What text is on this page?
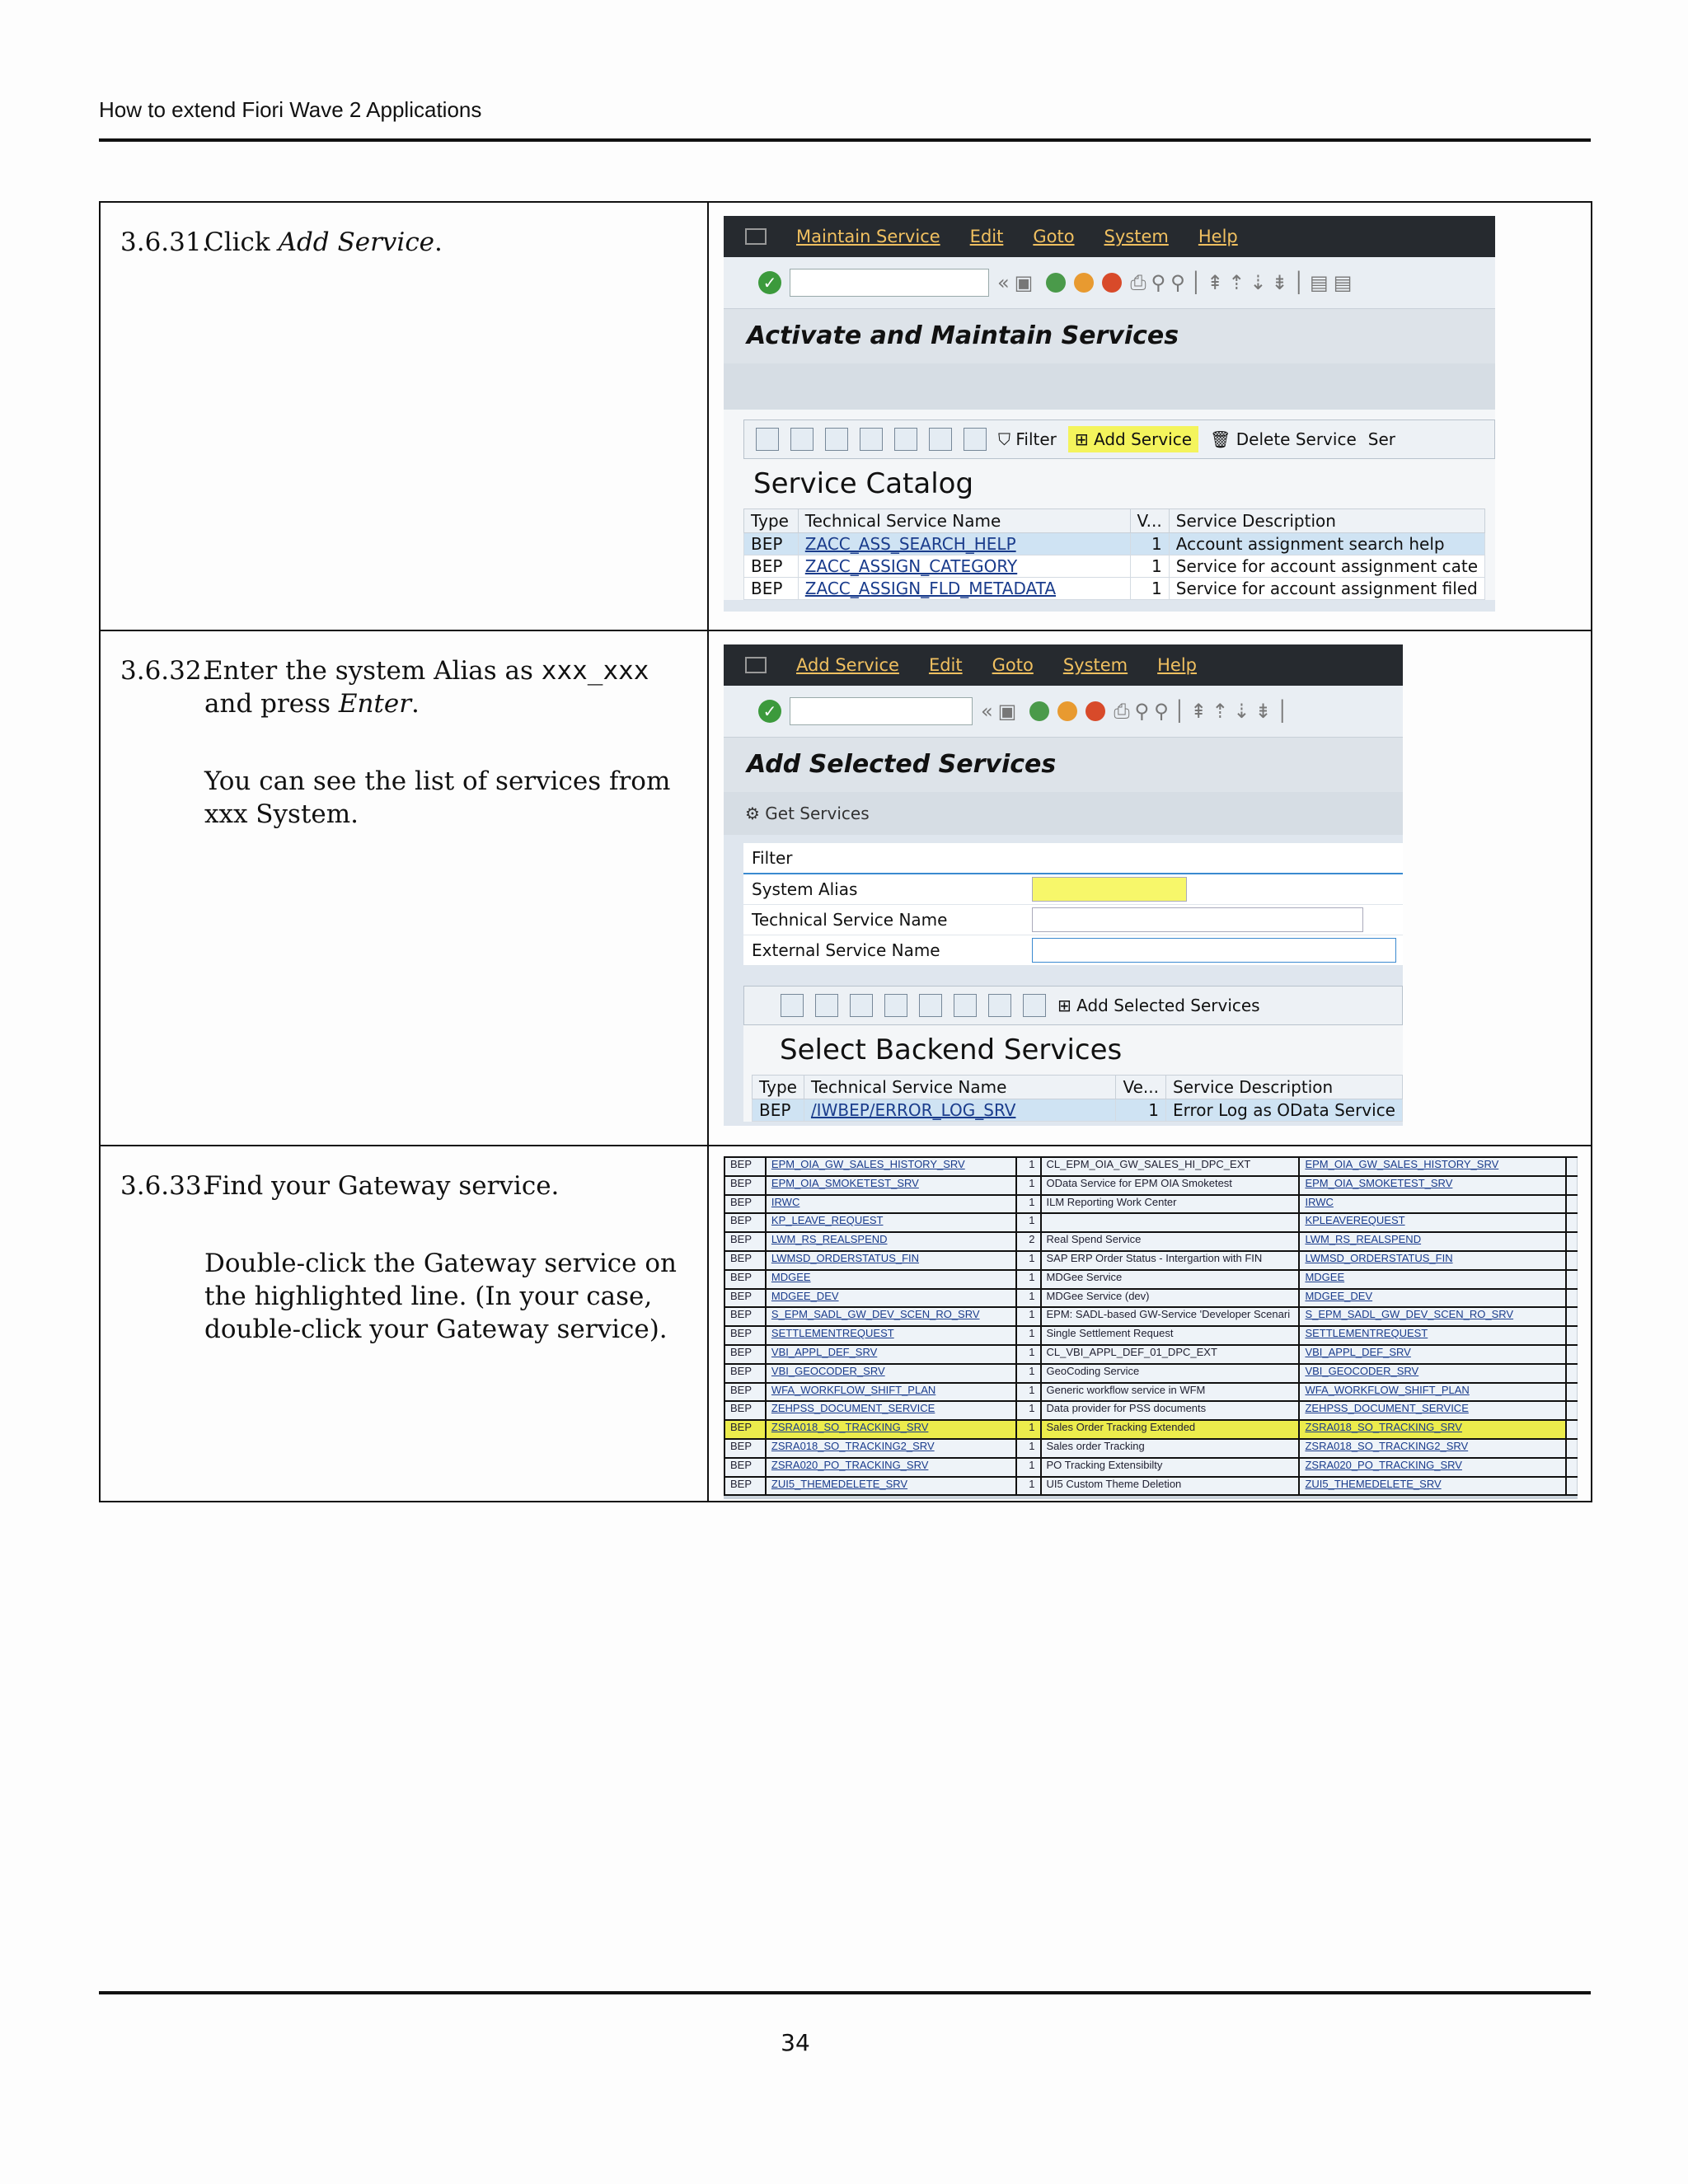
How to extend Fiori Wave 2 Applications
3.6.31.
Click Add Service.	Maintain Service Edit Goto System Help
✓	«▣	⎙⚲⚲│⇞⇡⇣⇟│▤▤
Activate and Maintain Services
⛉ Filter	⊞ Add Service	🗑 Delete Service Ser
Service Catalog
Type	Technical Service Name	V...	Service Description
BEP	ZACC_ASS_SEARCH_HELP	1	Account assignment search help
BEP	ZACC_ASSIGN_CATEGORY	1	Service for account assignment cate
BEP	ZACC_ASSIGN_FLD_METADATA	1	Service for account assignment filed

3.6.32.

Enter the system Alias as xxx_xxx and press Enter.

You can see the list of services from xxx System.

Add Service Edit Goto System Help
✓	«▣	⎙⚲⚲│⇞⇡⇣⇟│
Add Selected Services
⚙ Get Services
Filter
System Alias
Technical Service Name
External Service Name
⊞ Add Selected Services
Select Backend Services
Type	Technical Service Name	Ve...	Service Description
BEP	/IWBEP/ERROR_LOG_SRV	1	Error Log as OData Service

3.6.33.

Find your Gateway service.

Double-click the Gateway service on the highlighted line. (In your case, double-click your Gateway service).

BEP	EPM_OIA_GW_SALES_HISTORY_SRV	1	CL_EPM_OIA_GW_SALES_HI_DPC_EXT	EPM_OIA_GW_SALES_HISTORY_SRV	
BEP	EPM_OIA_SMOKETEST_SRV	1	OData Service for EPM OIA Smoketest	EPM_OIA_SMOKETEST_SRV	
BEP	IRWC	1	ILM Reporting Work Center	IRWC	
BEP	KP_LEAVE_REQUEST	1		KPLEAVEREQUEST	
BEP	LWM_RS_REALSPEND	2	Real Spend Service	LWM_RS_REALSPEND	
BEP	LWMSD_ORDERSTATUS_FIN	1	SAP ERP Order Status - Intergartion with FIN	LWMSD_ORDERSTATUS_FIN	
BEP	MDGEE	1	MDGee Service	MDGEE	
BEP	MDGEE_DEV	1	MDGee Service (dev)	MDGEE_DEV	
BEP	S_EPM_SADL_GW_DEV_SCEN_RO_SRV	1	EPM: SADL-based GW-Service 'Developer Scenari	S_EPM_SADL_GW_DEV_SCEN_RO_SRV	
BEP	SETTLEMENTREQUEST	1	Single Settlement Request	SETTLEMENTREQUEST	
BEP	VBI_APPL_DEF_SRV	1	CL_VBI_APPL_DEF_01_DPC_EXT	VBI_APPL_DEF_SRV	
BEP	VBI_GEOCODER_SRV	1	GeoCoding Service	VBI_GEOCODER_SRV	
BEP	WFA_WORKFLOW_SHIFT_PLAN	1	Generic workflow service in WFM	WFA_WORKFLOW_SHIFT_PLAN	
BEP	ZEHPSS_DOCUMENT_SERVICE	1	Data provider for PSS documents	ZEHPSS_DOCUMENT_SERVICE	
BEP	ZSRA018_SO_TRACKING_SRV	1	Sales Order Tracking Extended	ZSRA018_SO_TRACKING_SRV	
BEP	ZSRA018_SO_TRACKING2_SRV	1	Sales order Tracking	ZSRA018_SO_TRACKING2_SRV	
BEP	ZSRA020_PO_TRACKING_SRV	1	PO Tracking Extensibilty	ZSRA020_PO_TRACKING_SRV	
BEP	ZUI5_THEMEDELETE_SRV	1	UI5 Custom Theme Deletion	ZUI5_THEMEDELETE_SRV	
34
